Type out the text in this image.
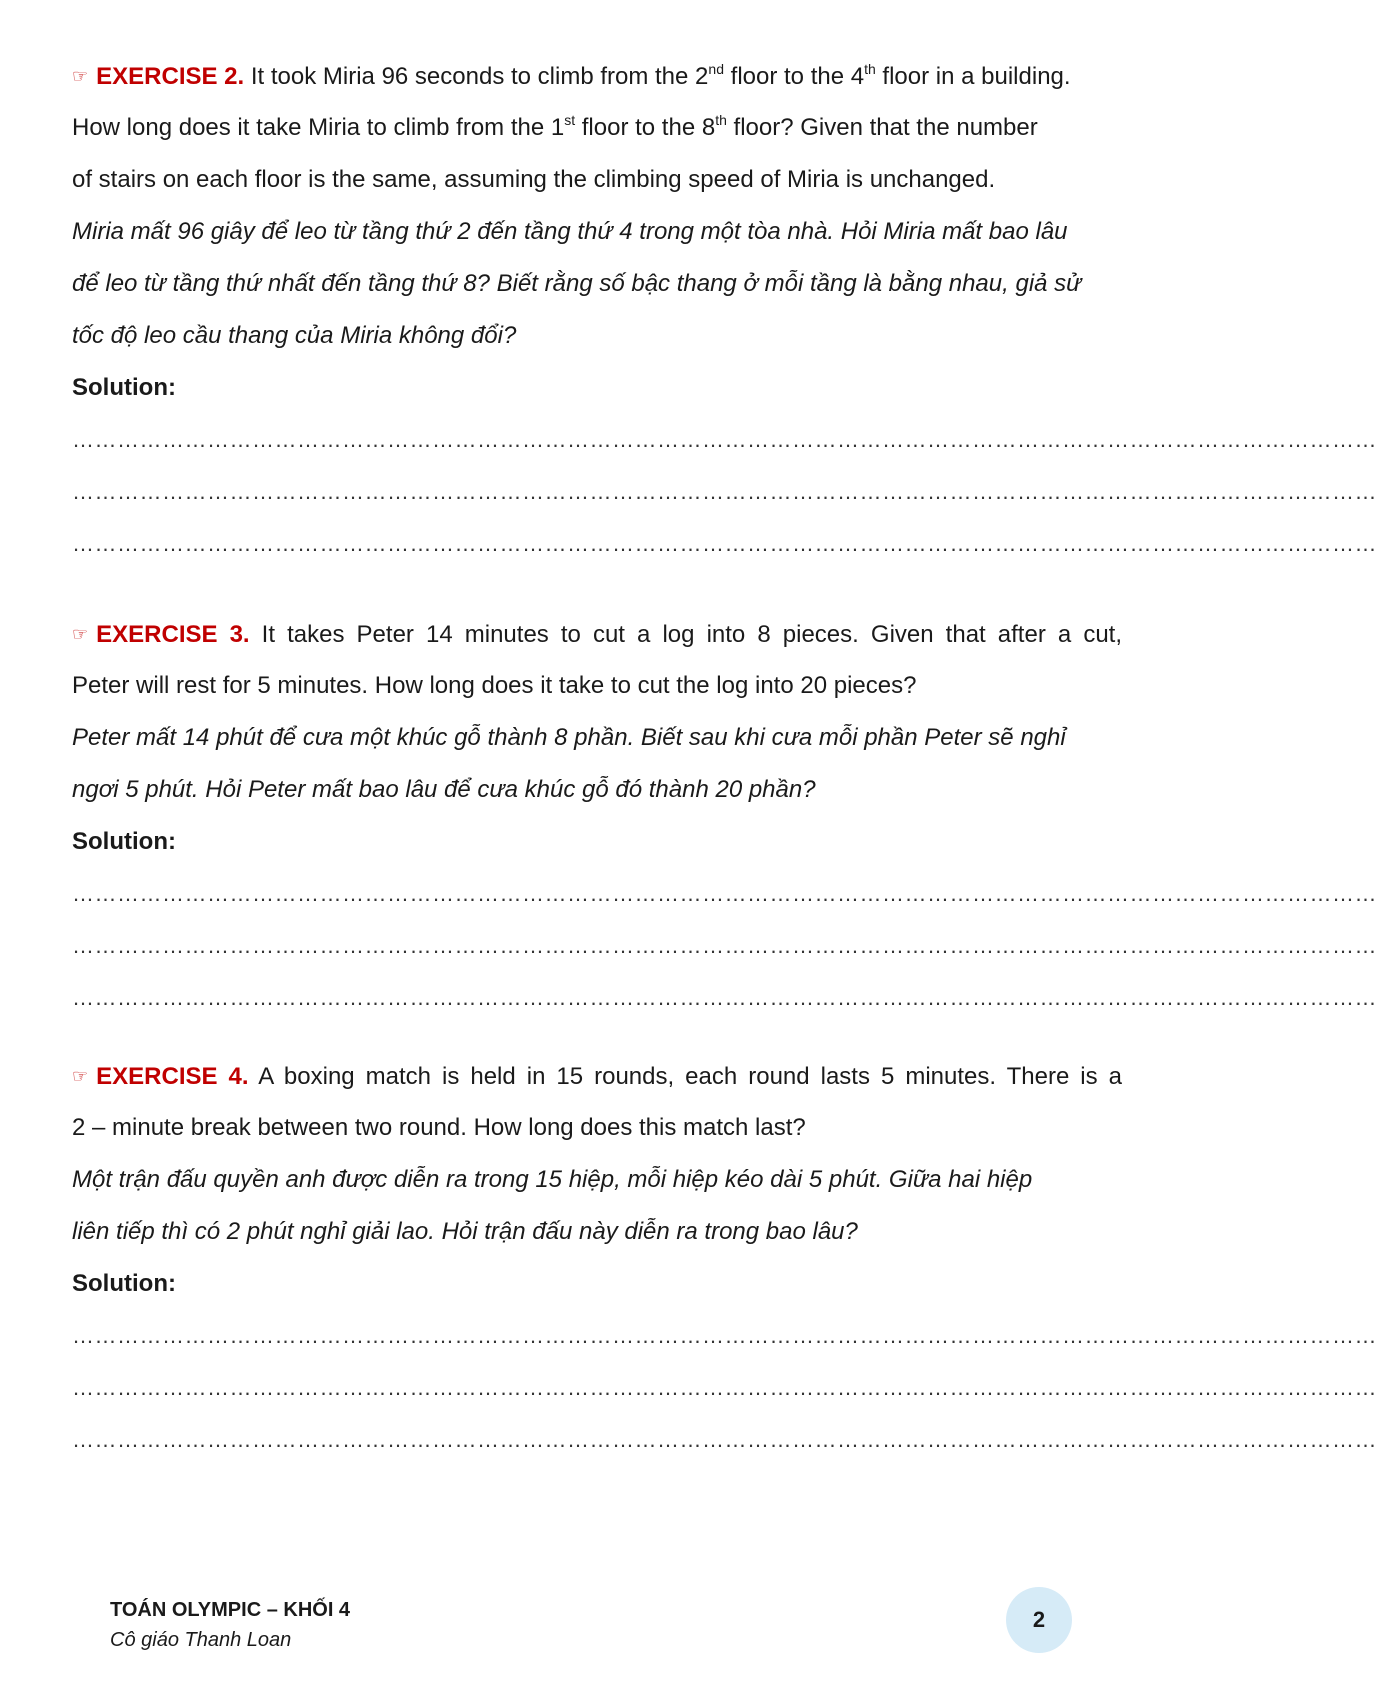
☞ EXERCISE 2. It took Miria 96 seconds to climb from the 2nd floor to the 4th floor in a building.
How long does it take Miria to climb from the 1st floor to the 8th floor? Given that the number
of stairs on each floor is the same, assuming the climbing speed of Miria is unchanged.
Miria mất 96 giây để leo từ tầng thứ 2 đến tầng thứ 4 trong một tòa nhà. Hỏi Miria mất bao lâu
để leo từ tầng thứ nhất đến tầng thứ 8? Biết rằng số bậc thang ở mỗi tầng là bằng nhau, giả sử
tốc độ leo cầu thang của Miria không đổi?
Solution:
…………………………………………………………………………………………………………………………………………………………
…………………………………………………………………………………………………………………………………………………………
…………………………………………………………………………………………………………………………………………………………
☞ EXERCISE 3. It takes Peter 14 minutes to cut a log into 8 pieces. Given that after a cut,
Peter will rest for 5 minutes. How long does it take to cut the log into 20 pieces?
Peter mất 14 phút để cưa một khúc gỗ thành 8 phần. Biết sau khi cưa mỗi phần Peter sẽ nghỉ
ngơi 5 phút. Hỏi Peter mất bao lâu để cưa khúc gỗ đó thành 20 phần?
Solution:
…………………………………………………………………………………………………………………………………………………………
…………………………………………………………………………………………………………………………………………………………
…………………………………………………………………………………………………………………………………………………………
☞ EXERCISE 4. A boxing match is held in 15 rounds, each round lasts 5 minutes. There is a
2 – minute break between two round. How long does this match last?
Một trận đấu quyền anh được diễn ra trong 15 hiệp, mỗi hiệp kéo dài 5 phút. Giữa hai hiệp
liên tiếp thì có 2 phút nghỉ giải lao. Hỏi trận đấu này diễn ra trong bao lâu?
Solution:
…………………………………………………………………………………………………………………………………………………………
…………………………………………………………………………………………………………………………………………………………
…………………………………………………………………………………………………………………………………………………………
TOÁN OLYMPIC – KHỐI 4
Cô giáo Thanh Loan
2
